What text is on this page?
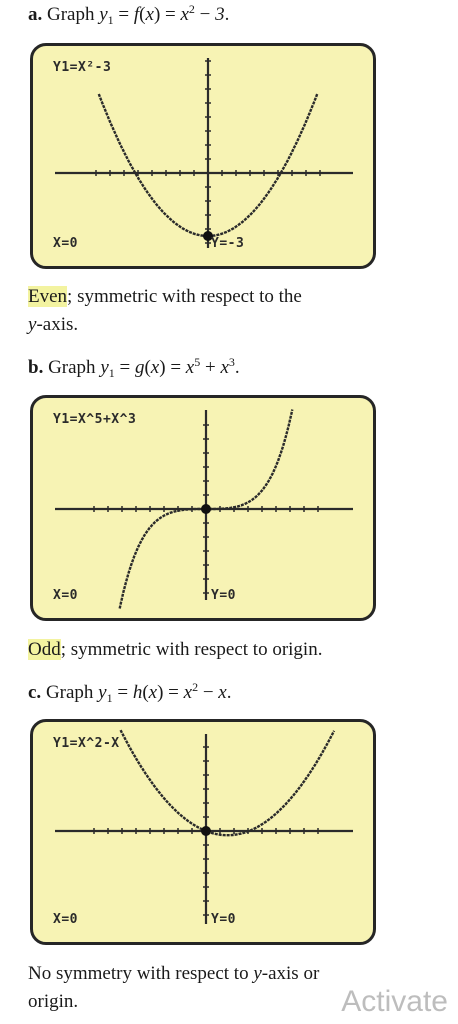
a. Graph $y_1 = f(x) = x^2 - 3$.
Y1=X²-3
X=0	Y=-3
Even; symmetric with respect to the
y-axis.
b. Graph $y_1 = g(x) = x^5 + x^3$.
Y1=X^5+X^3
X=0	Y=0
Odd; symmetric with respect to origin.
c. Graph $y_1 = h(x) = x^2 - x$.
Y1=X^2-X
X=0	Y=0
No symmetry with respect to y-axis or
origin.	Activate
